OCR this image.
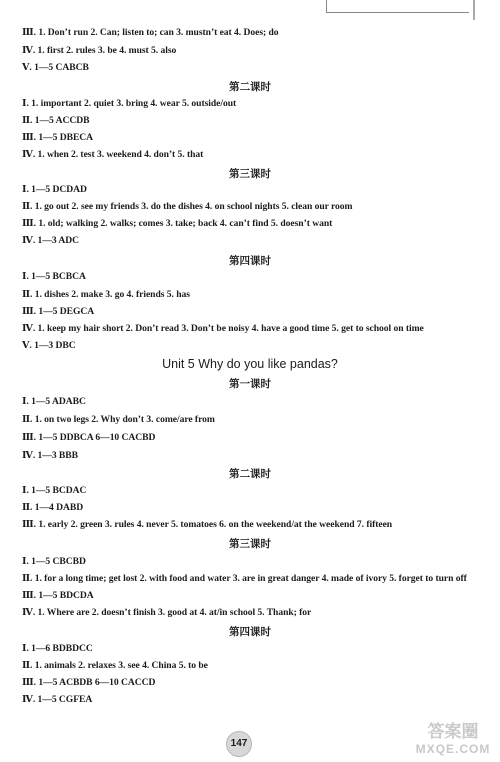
Ⅲ. 1. Don’t run 2. Can; listen to; can 3. mustn’t eat 4. Does; do
Ⅳ. 1. first 2. rules 3. be 4. must 5. also
Ⅴ. 1—5 CABCB
第二课时
Ⅰ. 1. important 2. quiet 3. bring 4. wear 5. outside/out
Ⅱ. 1—5 ACCDB
Ⅲ. 1—5 DBECA
Ⅳ. 1. when 2. test 3. weekend 4. don’t 5. that
第三课时
Ⅰ. 1—5 DCDAD
Ⅱ. 1. go out 2. see my friends 3. do the dishes 4. on school nights 5. clean our room
Ⅲ. 1. old; walking 2. walks; comes 3. take; back 4. can’t find 5. doesn’t want
Ⅳ. 1—3 ADC
第四课时
Ⅰ. 1—5 BCBCA
Ⅱ. 1. dishes 2. make 3. go 4. friends 5. has
Ⅲ. 1—5 DEGCA
Ⅳ. 1. keep my hair short 2. Don’t read 3. Don’t be noisy 4. have a good time 5. get to school on time
Ⅴ. 1—3 DBC
Unit 5 Why do you like pandas?
第一课时
Ⅰ. 1—5 ADABC
Ⅱ. 1. on two legs 2. Why don’t 3. come/are from
Ⅲ. 1—5 DDBCA 6—10 CACBD
Ⅳ. 1—3 BBB
第二课时
Ⅰ. 1—5 BCDAC
Ⅱ. 1—4 DABD
Ⅲ. 1. early 2. green 3. rules 4. never 5. tomatoes 6. on the weekend/at the weekend 7. fifteen
第三课时
Ⅰ. 1—5 CBCBD
Ⅱ. 1. for a long time; get lost 2. with food and water 3. are in great danger 4. made of ivory 5. forget to turn off
Ⅲ. 1—5 BDCDA
Ⅳ. 1. Where are 2. doesn’t finish 3. good at 4. at/in school 5. Thank; for
第四课时
Ⅰ. 1—6 BDBDCC
Ⅱ. 1. animals 2. relaxes 3. see 4. China 5. to be
Ⅲ. 1—5 ACBDB 6—10 CACCD
Ⅳ. 1—5 CGFEA
147
答案圈
MXQE.COM
